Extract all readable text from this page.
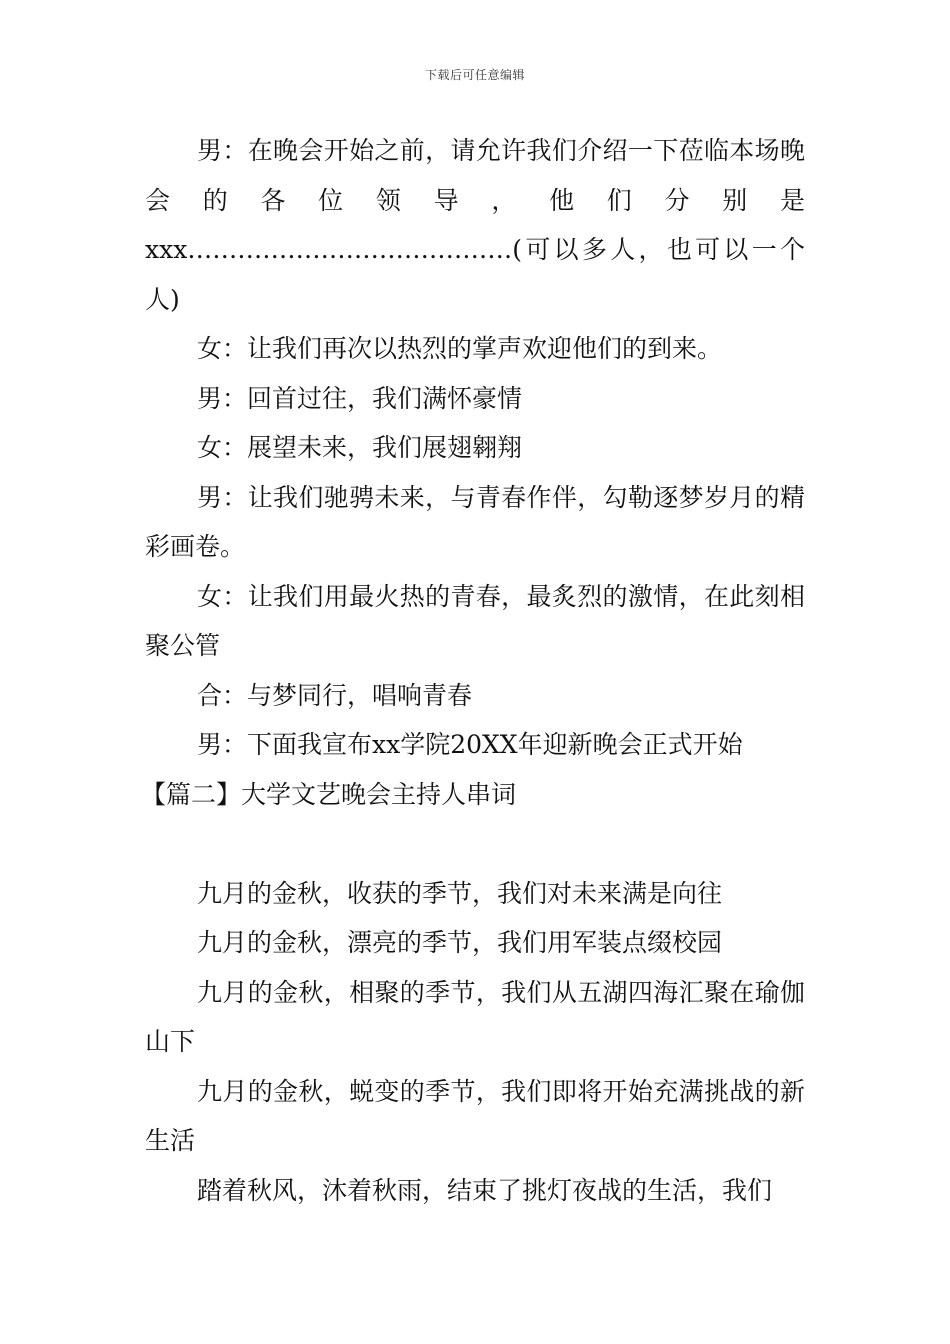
下载后可任意编辑

男：在晚会开始之前，请允许我们介绍一下莅临本场晚会的各位领导，他们分别是

xxx…………………………………(可以多人，也可以一个人)

女：让我们再次以热烈的掌声欢迎他们的到来。

男：回首过往，我们满怀豪情

女：展望未来，我们展翅翱翔

男：让我们驰骋未来，与青春作伴，勾勒逐梦岁月的精彩画卷。

女：让我们用最火热的青春，最炙烈的激情，在此刻相聚公管

合：与梦同行，唱响青春

男：下面我宣布xx学院20XX年迎新晚会正式开始

【篇二】大学文艺晚会主持人串词

九月的金秋，收获的季节，我们对未来满是向往

九月的金秋，漂亮的季节，我们用军装点缀校园

九月的金秋，相聚的季节，我们从五湖四海汇聚在瑜伽山下

九月的金秋，蜕变的季节，我们即将开始充满挑战的新生活

踏着秋风，沐着秋雨，结束了挑灯夜战的生活，我们
